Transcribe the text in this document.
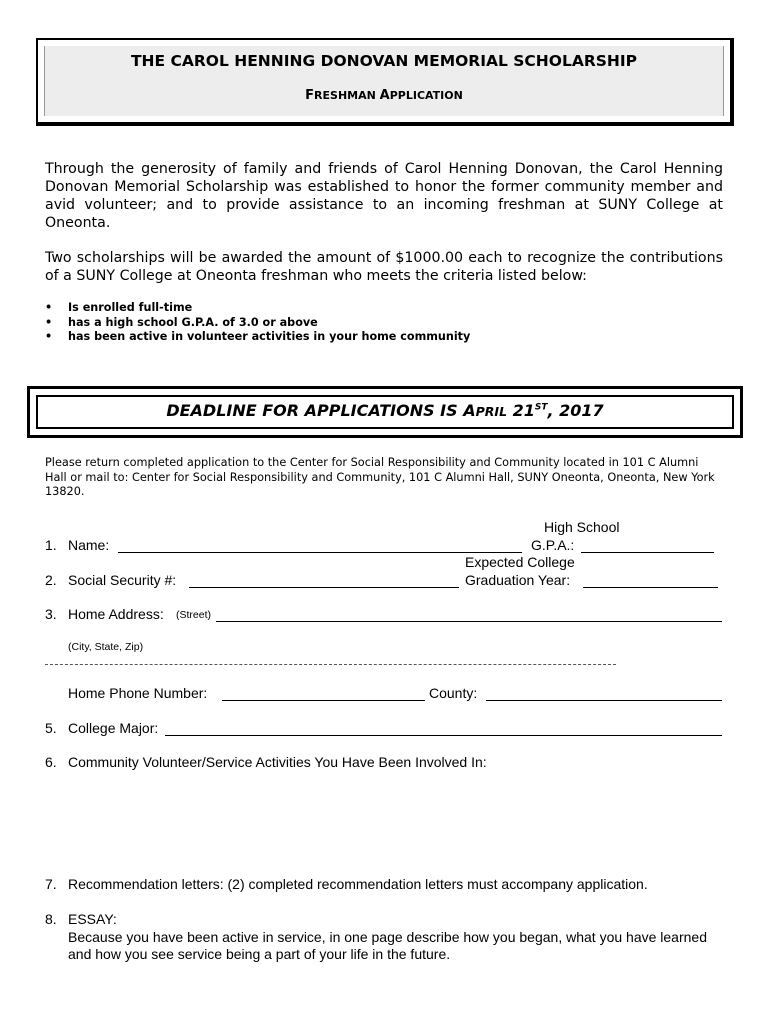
THE CAROL HENNING DONOVAN MEMORIAL SCHOLARSHIP
FRESHMAN APPLICATION

Through the generosity of family and friends of Carol Henning Donovan, the Carol Henning Donovan Memorial Scholarship was established to honor the former community member and avid volunteer; and to provide assistance to an incoming freshman at SUNY College at Oneonta.

Two scholarships will be awarded the amount of $1000.00 each to recognize the contributions of a SUNY College at Oneonta freshman who meets the criteria listed below:

• Is enrolled full-time
• has a high school G.P.A. of 3.0 or above
• has been active in volunteer activities in your home community
DEADLINE FOR APPLICATIONS IS APRIL 21ST, 2017

Please return completed application to the Center for Social Responsibility and Community located in 101 C Alumni Hall or mail to: Center for Social Responsibility and Community, 101 C Alumni Hall, SUNY Oneonta, Oneonta, New York 13820.

High School
1. Name:	G.P.A.:
Expected College
2. Social Security #:	Graduation Year:
3. Home Address: (Street)
(City, State, Zip)
Home Phone Number:	County:
5. College Major:
6. Community Volunteer/Service Activities You Have Been Involved In:
7. Recommendation letters: (2) completed recommendation letters must accompany application.
8. ESSAY:
Because you have been active in service, in one page describe how you began, what you have learned and how you see service being a part of your life in the future.
